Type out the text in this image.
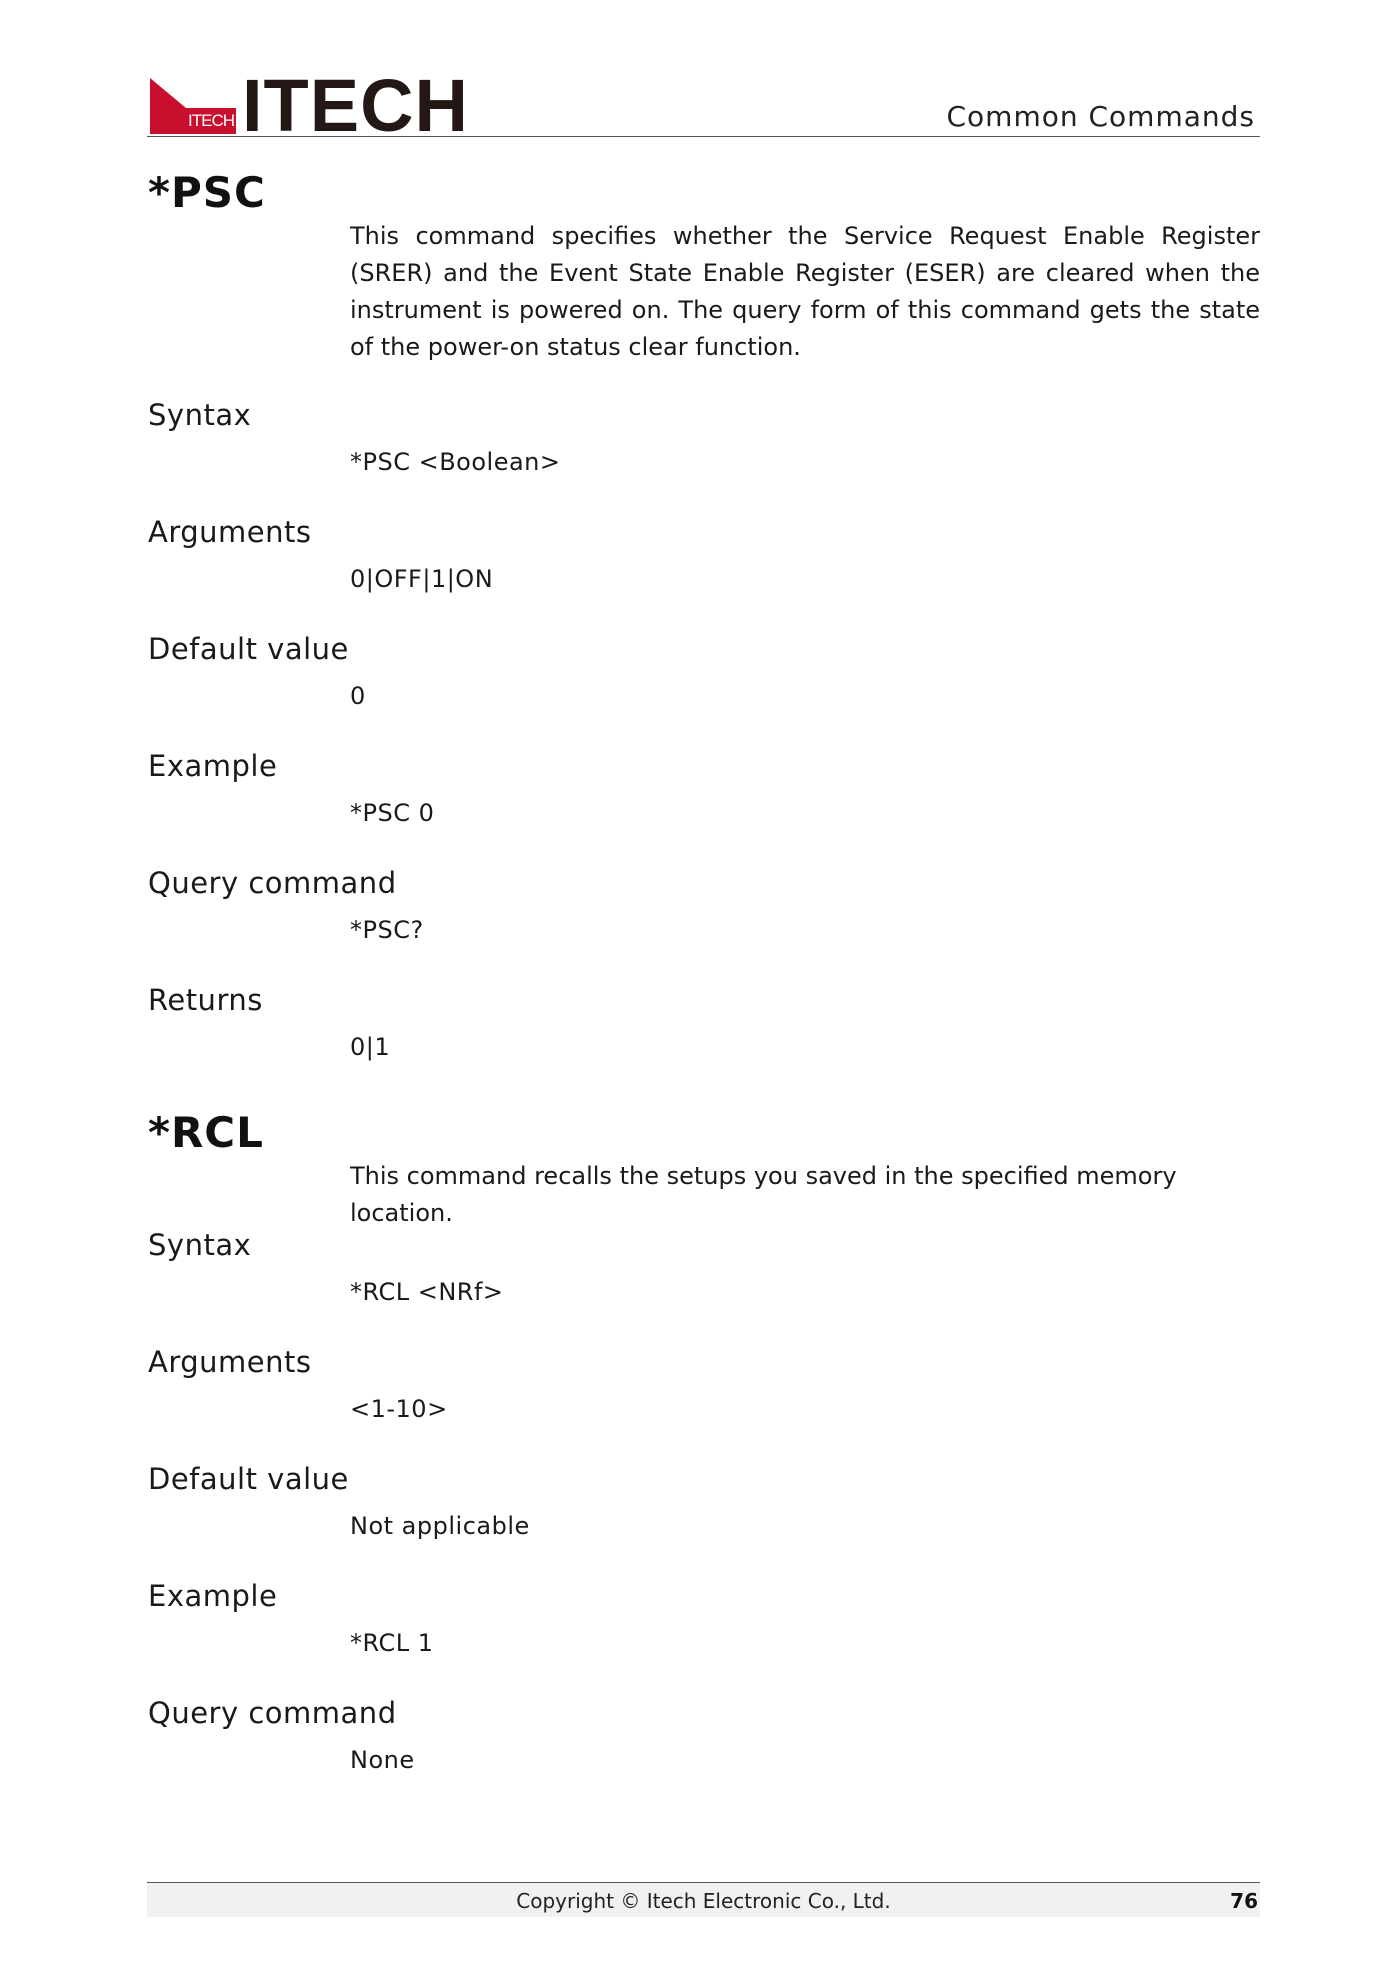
ITECH ITECH	Common Commands
*PSC
This command specifies whether the Service Request Enable Register (SRER) and the Event State Enable Register (ESER) are cleared when the instrument is powered on. The query form of this command gets the state of the power-on status clear function.
Syntax
*PSC <Boolean>
Arguments
0|OFF|1|ON
Default value
0
Example
*PSC 0
Query command
*PSC?
Returns
0|1
*RCL
This command recalls the setups you saved in the specified memory location.
Syntax
*RCL <NRf>
Arguments
<1-10>
Default value
Not applicable
Example
*RCL 1
Query command
None
Copyright © Itech Electronic Co., Ltd.	76
